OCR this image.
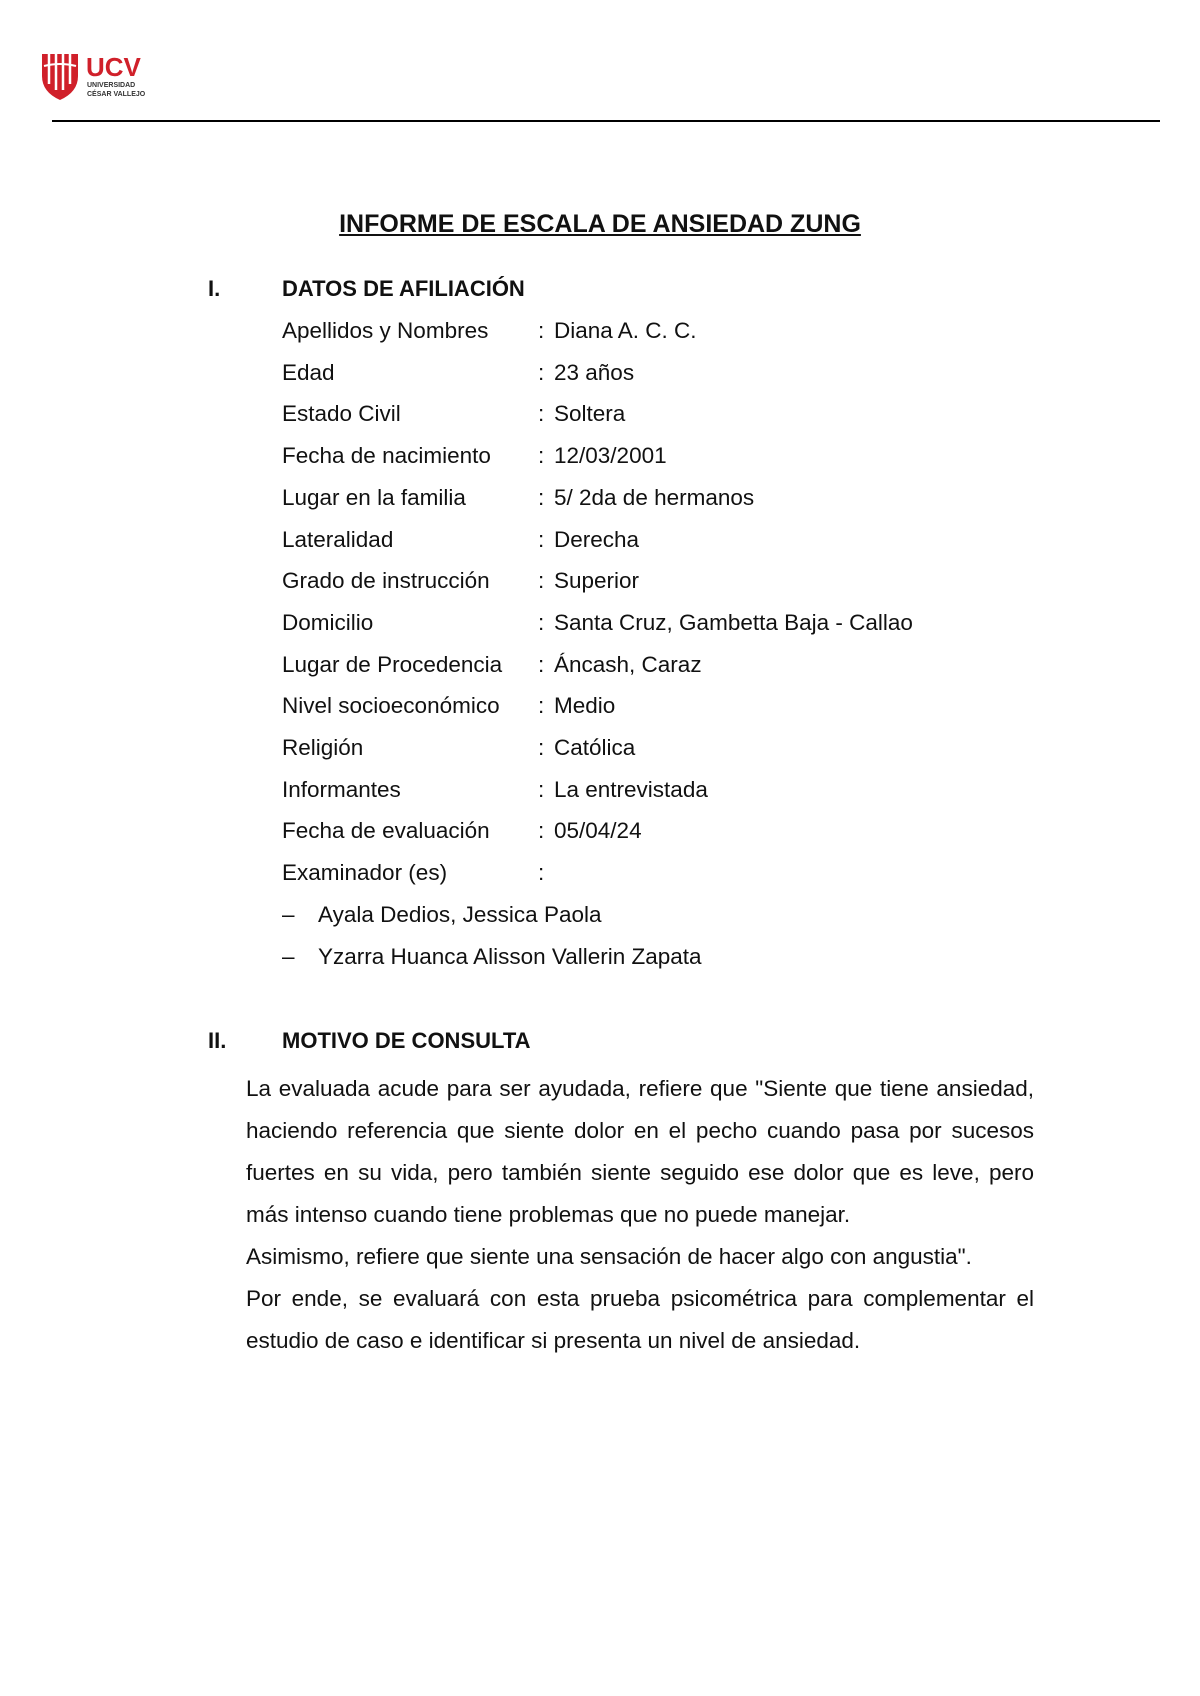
UCV
UNIVERSIDAD
CÉSAR VALLEJO
INFORME DE ESCALA DE ANSIEDAD ZUNG
I.	DATOS DE AFILIACIÓN
Apellidos y Nombres : Diana A. C. C.
Edad	: 23 años
Estado Civil	: Soltera
Fecha de nacimiento : 12/03/2001
Lugar en la familia	: 5/ 2da de hermanos
Lateralidad	: Derecha
Grado de instrucción : Superior
Domicilio	: Santa Cruz, Gambetta Baja - Callao
Lugar de Procedencia : Áncash, Caraz
Nivel socioeconómico : Medio
Religión	: Católica
Informantes	: La entrevistada
Fecha de evaluación : 05/04/24
Examinador (es)	:
– Ayala Dedios, Jessica Paola
– Yzarra Huanca Alisson Vallerin Zapata
II.	MOTIVO DE CONSULTA

La evaluada acude para ser ayudada, refiere que "Siente que tiene ansiedad, haciendo referencia que siente dolor en el pecho cuando pasa por sucesos fuertes en su vida, pero también siente seguido ese dolor que es leve, pero más intenso cuando tiene problemas que no puede manejar.

Asimismo, refiere que siente una sensación de hacer algo con angustia".

Por ende, se evaluará con esta prueba psicométrica para complementar el estudio de caso e identificar si presenta un nivel de ansiedad.
